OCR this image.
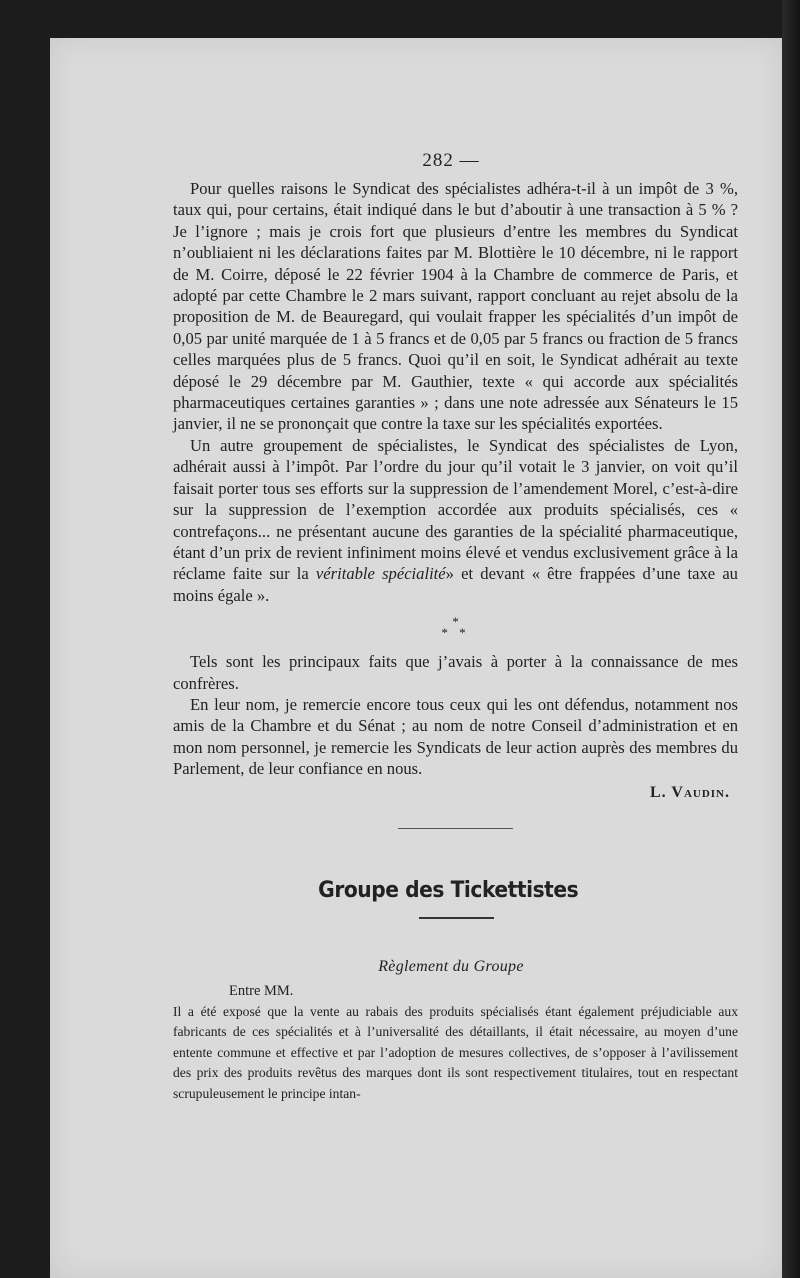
282 —

Pour quelles raisons le Syndicat des spécialistes adhéra-t-il à un impôt de 3 %, taux qui, pour certains, était indiqué dans le but d’aboutir à une transaction à 5 % ? Je l’ignore ; mais je crois fort que plusieurs d’entre les membres du Syndicat n’oubliaient ni les déclarations faites par M. Blottière le 10 décembre, ni le rapport de M. Coirre, déposé le 22 février 1904 à la Chambre de commerce de Paris, et adopté par cette Chambre le 2 mars suivant, rapport concluant au rejet absolu de la proposition de M. de Beauregard, qui voulait frapper les spécialités d’un impôt de 0,05 par unité marquée de 1 à 5 francs et de 0,05 par 5 francs ou fraction de 5 francs celles marquées plus de 5 francs. Quoi qu’il en soit, le Syndicat adhérait au texte déposé le 29 décembre par M. Gauthier, texte « qui accorde aux spécialités pharmaceutiques certaines garanties » ; dans une note adressée aux Sénateurs le 15 janvier, il ne se prononçait que contre la taxe sur les spécialités exportées.

Un autre groupement de spécialistes, le Syndicat des spécialistes de Lyon, adhérait aussi à l’impôt. Par l’ordre du jour qu’il votait le 3 janvier, on voit qu’il faisait porter tous ses efforts sur la suppression de l’amendement Morel, c’est-à-dire sur la suppression de l’exemption accordée aux produits spécialisés, ces « contrefaçons... ne présentant aucune des garanties de la spécialité pharmaceutique, étant d’un prix de revient infiniment moins élevé et vendus exclusivement grâce à la réclame faite sur la véritable spécialité» et devant « être frappées d’une taxe au moins égale ».

*
* *

Tels sont les principaux faits que j’avais à porter à la connaissance de mes confrères.

En leur nom, je remercie encore tous ceux qui les ont défendus, notamment nos amis de la Chambre et du Sénat ; au nom de notre Conseil d’administration et en mon nom personnel, je remercie les Syndicats de leur action auprès des membres du Parlement, de leur confiance en nous.

L. Vaudin.
Groupe des Tickettistes
Règlement du Groupe

Entre MM.

Il a été exposé que la vente au rabais des produits spécialisés étant également préjudiciable aux fabricants de ces spécialités et à l’universalité des détaillants, il était nécessaire, au moyen d’une entente commune et effective et par l’adoption de mesures collectives, de s’opposer à l’avilissement des prix des produits revêtus des marques dont ils sont respectivement titulaires, tout en respectant scrupuleusement le principe intan-
